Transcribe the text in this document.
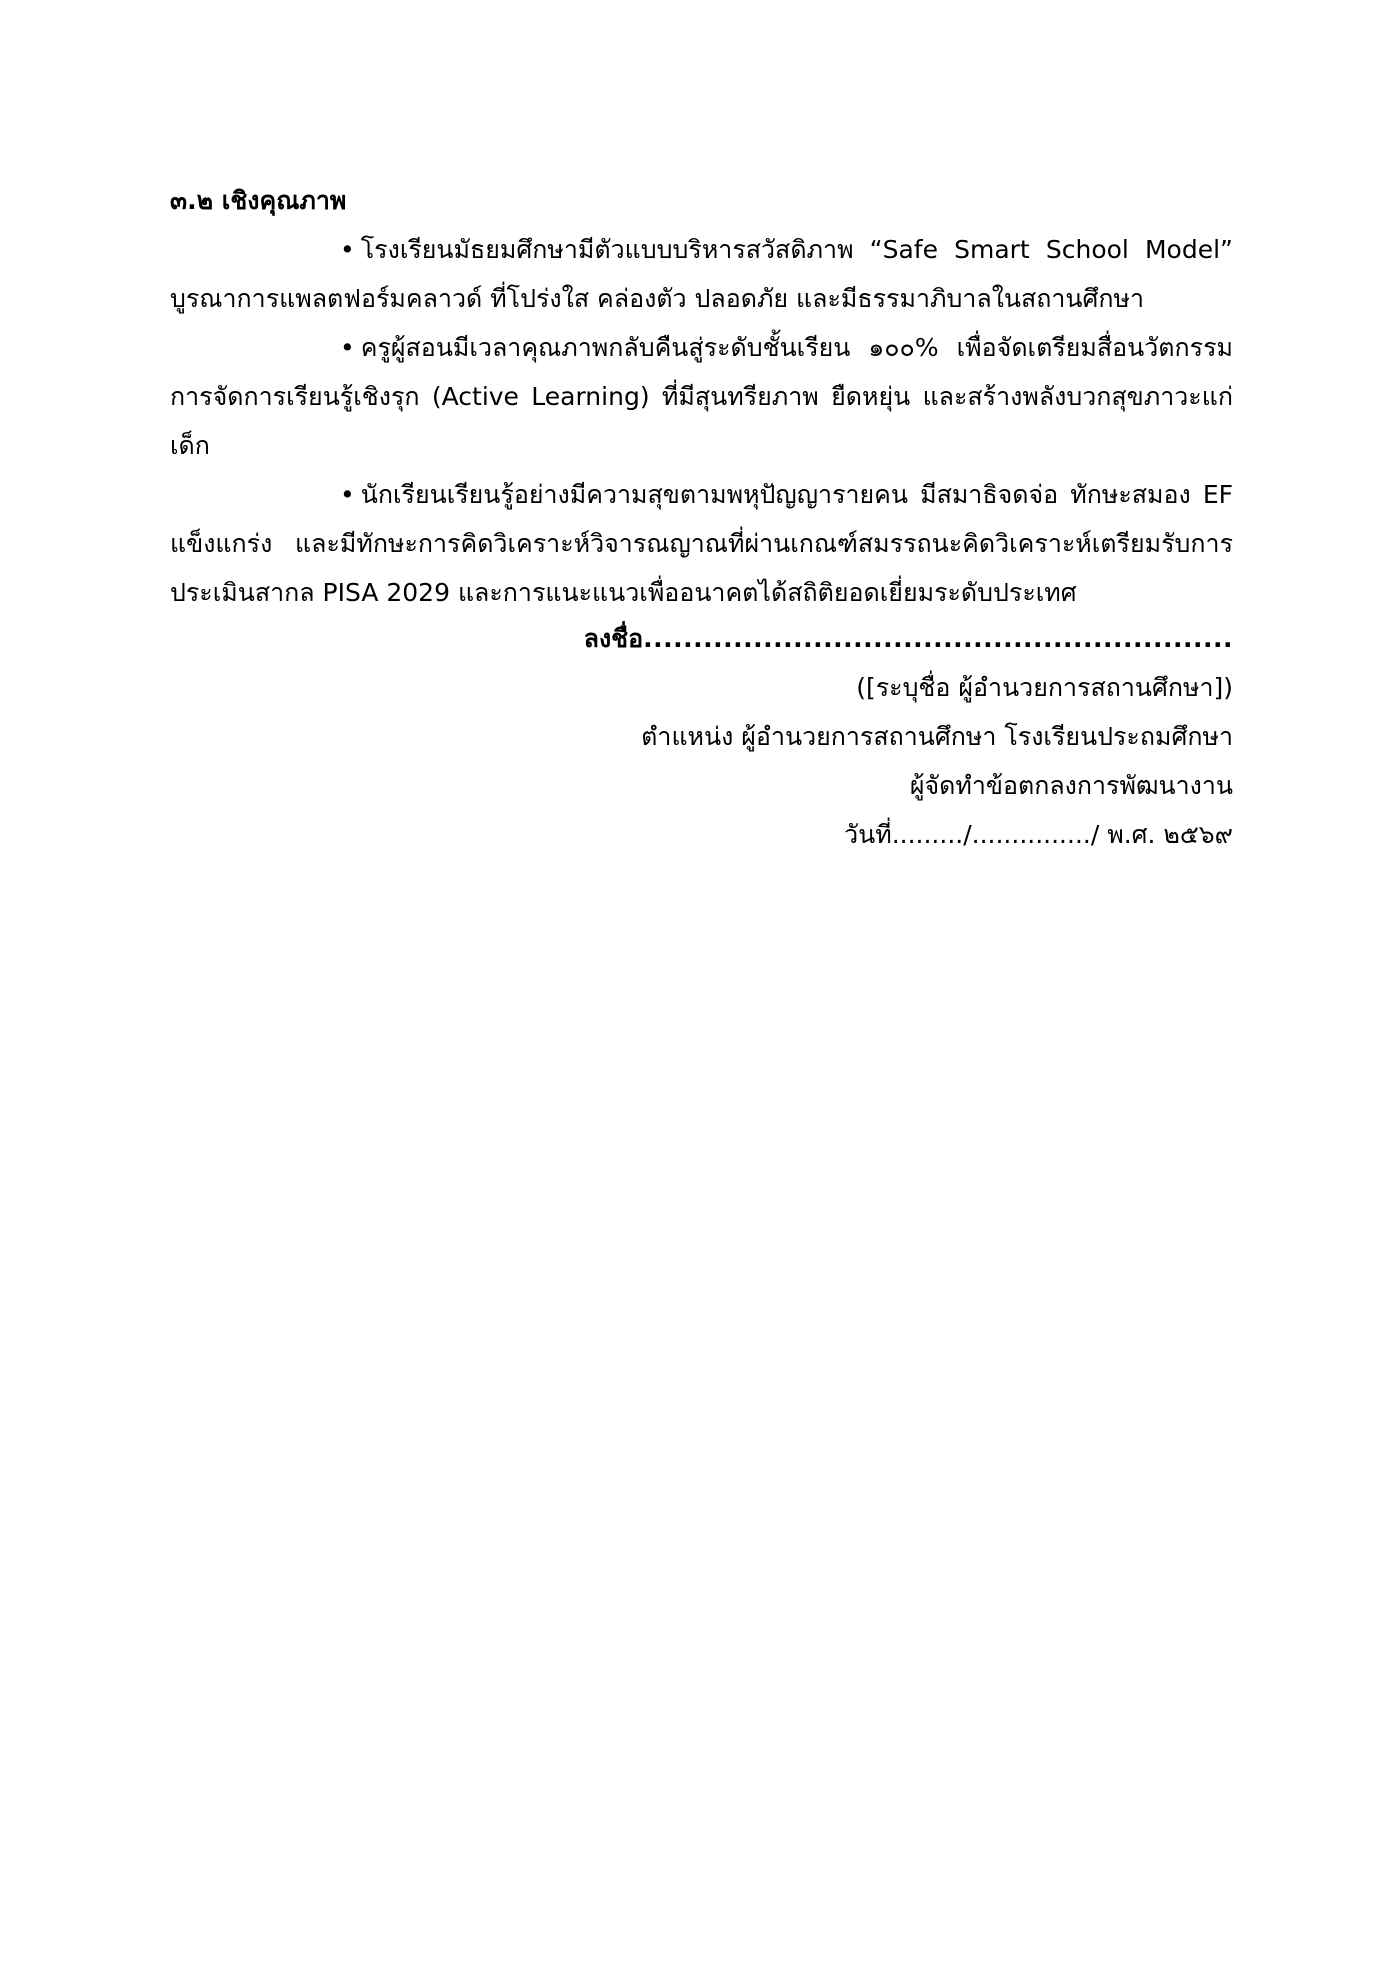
๓.๒ เชิงคุณภาพ

• โรงเรียนมัธยมศึกษามีตัวแบบบริหารสวัสดิภาพ “Safe Smart School Model” บูรณาการแพลตฟอร์มคลาวด์ ที่โปร่งใส คล่องตัว ปลอดภัย และมีธรรมาภิบาลในสถานศึกษา

• ครูผู้สอนมีเวลาคุณภาพกลับคืนสู่ระดับชั้นเรียน ๑๐๐% เพื่อจัดเตรียมสื่อนวัตกรรมการจัดการเรียนรู้เชิงรุก (Active Learning) ที่มีสุนทรียภาพ ยืดหยุ่น และสร้างพลังบวกสุขภาวะแก่เด็ก

• นักเรียนเรียนรู้อย่างมีความสุขตามพหุปัญญารายคน มีสมาธิจดจ่อ ทักษะสมอง EF แข็งแกร่ง และมีทักษะการคิดวิเคราะห์วิจารณญาณที่ผ่านเกณฑ์สมรรถนะคิดวิเคราะห์เตรียมรับการประเมินสากล PISA 2029 และการแนะแนวเพื่ออนาคตได้สถิติยอดเยี่ยมระดับประเทศ

ลงชื่อ...........................................................

([ระบุชื่อ ผู้อำนวยการสถานศึกษา])

ตำแหน่ง ผู้อำนวยการสถานศึกษา โรงเรียนประถมศึกษา

ผู้จัดทำข้อตกลงการพัฒนางาน

วันที่........./.............../ พ.ศ. ๒๕๖๙
